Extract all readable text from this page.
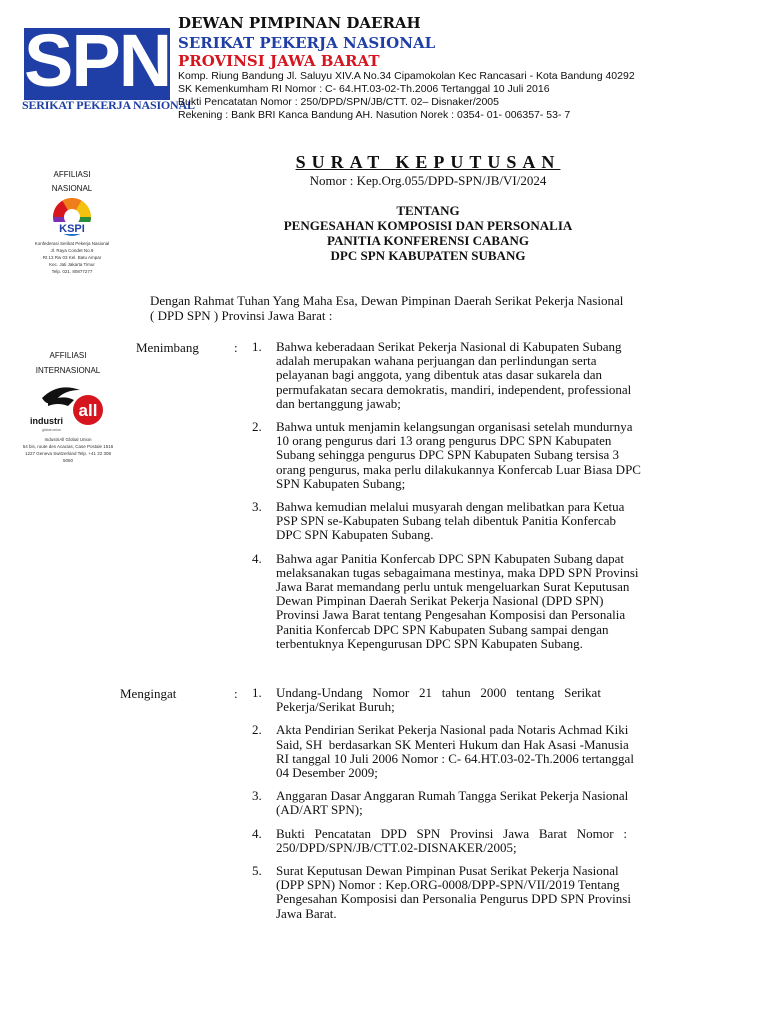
SPN
SERIKAT PEKERJA NASIONAL
DEWAN PIMPINAN DAERAH
SERIKAT PEKERJA NASIONAL
PROVINSI JAWA BARAT
Komp. Riung Bandung Jl. Saluyu XIV.A No.34 Cipamokolan Kec Rancasari - Kota Bandung 40292
SK Kemenkumham RI Nomor : C- 64.HT.03-02-Th.2006 Tertanggal 10 Juli 2016
Bukti Pencatatan Nomor : 250/DPD/SPN/JB/CTT. 02– Disnaker/2005
Rekening : Bank BRI Kanca Bandung AH. Nasution Norek : 0354- 01- 006357- 53- 7
AFFILIASI
NASIONAL
KSPI
Konfederasi Serikat Pekerja Nasional
Jl. Raya Condet No.9
Rt 13 Rw 03 Kel. Batu Ampar
Kec. Jati Jakarta Timur
Telp. 021. 80877277
AFFILIASI
INTERNASIONAL
all
industri
global union
IndustriAll Global Union
54 bis, route des Acacias, Case Postale 1516
1227 Geneva Switzerland Telp. +41 22 308 5050
SURAT KEPUTUSAN
Nomor : Kep.Org.055/DPD-SPN/JB/VI/2024
TENTANG
PENGESAHAN KOMPOSISI DAN PERSONALIA
PANITIA KONFERENSI CABANG
DPC SPN KABUPATEN SUBANG
Dengan Rahmat Tuhan Yang Maha Esa, Dewan Pimpinan Daerah Serikat Pekerja Nasional
( DPD SPN ) Provinsi Jawa Barat :
Menimbang	: 1.	Bahwa keberadaan Serikat Pekerja Nasional di Kabupaten Subang
adalah merupakan wahana perjuangan dan perlindungan serta
pelayanan bagi anggota, yang dibentuk atas dasar sukarela dan
permufakatan secara demokratis, mandiri, independent, professional
dan bertanggung jawab;
2.	Bahwa untuk menjamin kelangsungan organisasi setelah mundurnya
10 orang pengurus dari 13 orang pengurus DPC SPN Kabupaten
Subang sehingga pengurus DPC SPN Kabupaten Subang tersisa 3
orang pengurus, maka perlu dilakukannya Konfercab Luar Biasa DPC
SPN Kabupaten Subang;
3.	Bahwa kemudian melalui musyarah dengan melibatkan para Ketua
PSP SPN se-Kabupaten Subang telah dibentuk Panitia Konfercab
DPC SPN Kabupaten Subang.
4.	Bahwa agar Panitia Konfercab DPC SPN Kabupaten Subang dapat
melaksanakan tugas sebagaimana mestinya, maka DPD SPN Provinsi
Jawa Barat memandang perlu untuk mengeluarkan Surat Keputusan
Dewan Pimpinan Daerah Serikat Pekerja Nasional (DPD SPN)
Provinsi Jawa Barat tentang Pengesahan Komposisi dan Personalia
Panitia Konfercab DPC SPN Kabupaten Subang sampai dengan
terbentuknya Kepengurusan DPC SPN Kabupaten Subang.
Mengingat	: 1.	Undang-Undang   Nomor   21   tahun   2000   tentang   Serikat
Pekerja/Serikat Buruh;
2.	Akta Pendirian Serikat Pekerja Nasional pada Notaris Achmad Kiki
Said, SH  berdasarkan SK Menteri Hukum dan Hak Asasi -Manusia
RI tanggal 10 Juli 2006 Nomor : C- 64.HT.03-02-Th.2006 tertanggal
04 Desember 2009;
3.	Anggaran Dasar Anggaran Rumah Tangga Serikat Pekerja Nasional
(AD/ART SPN);
4.	Bukti   Pencatatan   DPD   SPN   Provinsi   Jawa   Barat   Nomor   :
250/DPD/SPN/JB/CTT.02-DISNAKER/2005;
5.	Surat Keputusan Dewan Pimpinan Pusat Serikat Pekerja Nasional
(DPP SPN) Nomor : Kep.ORG-0008/DPP-SPN/VII/2019 Tentang
Pengesahan Komposisi dan Personalia Pengurus DPD SPN Provinsi
Jawa Barat.
